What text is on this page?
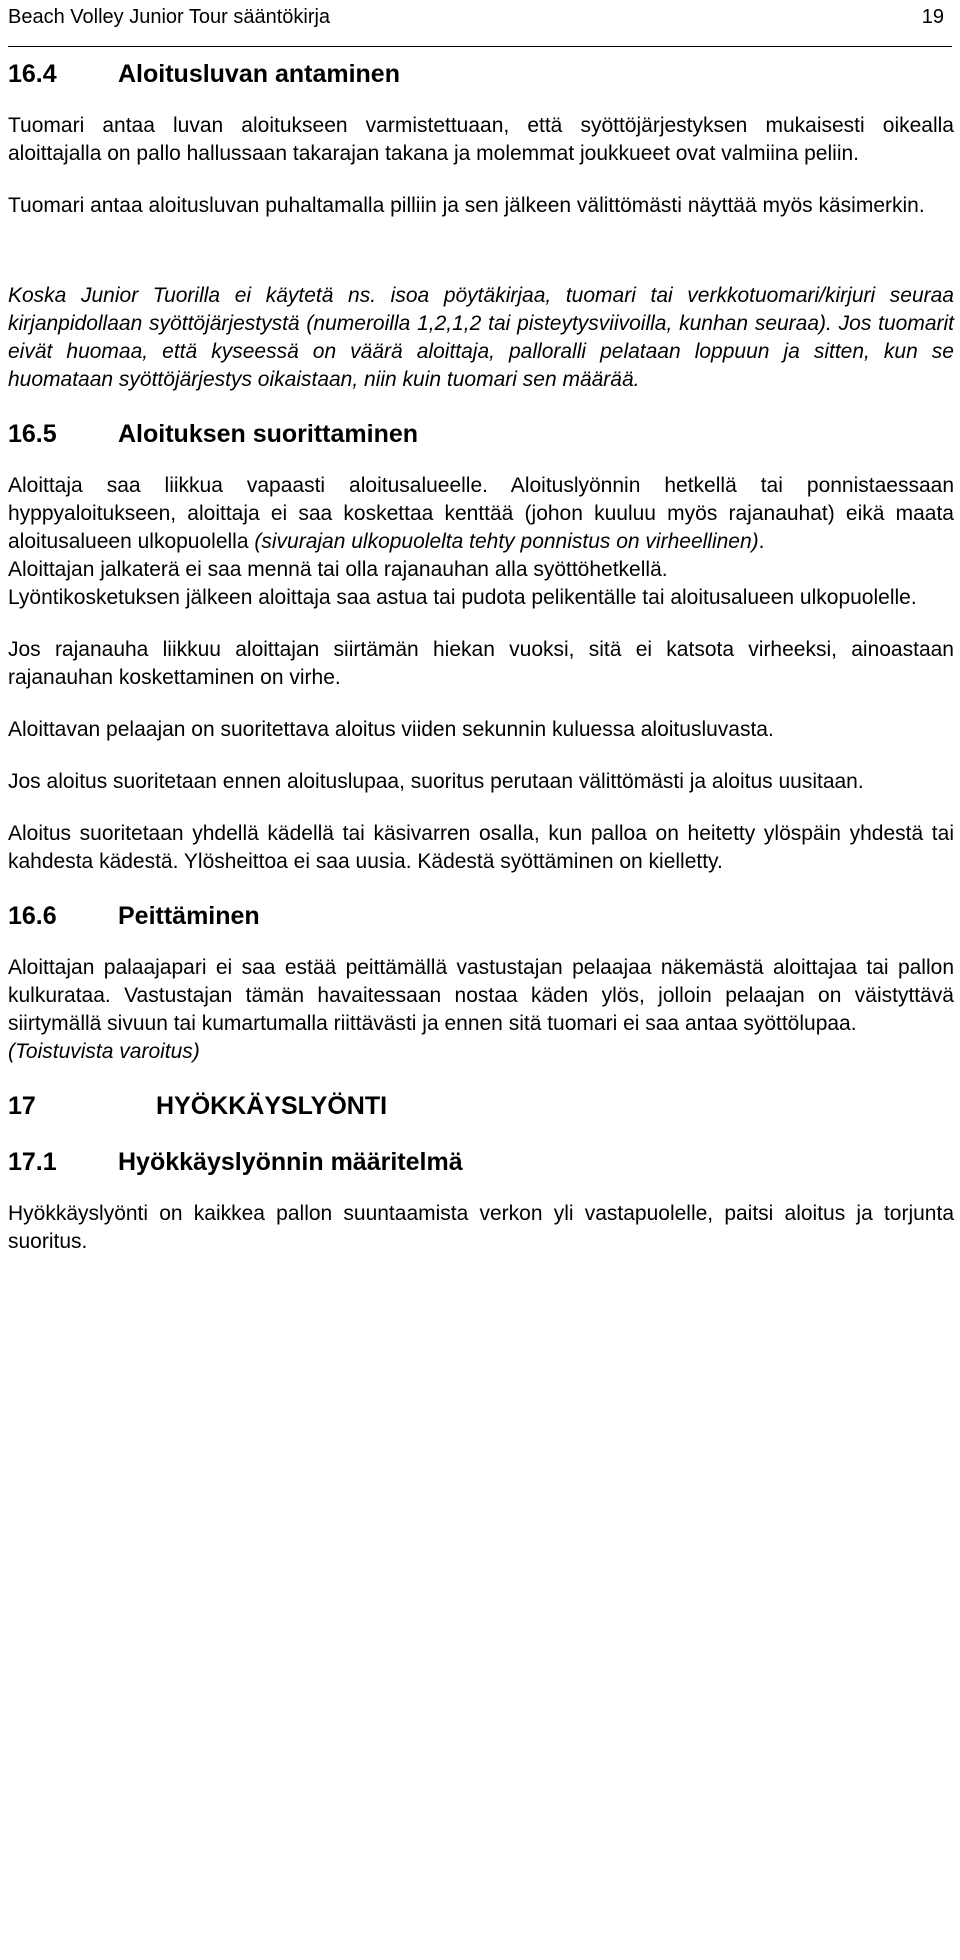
Beach Volley Junior Tour sääntökirja	19
16.4 Aloitusluvan antaminen

Tuomari antaa luvan aloitukseen varmistettuaan, että syöttöjärjestyksen mukaisesti oikealla aloittajalla on pallo hallussaan takarajan takana ja molemmat joukkueet ovat valmiina peliin.

Tuomari antaa aloitusluvan puhaltamalla pilliin ja sen jälkeen välittömästi näyttää myös käsimerkin.

Koska Junior Tuorilla ei käytetä ns. isoa pöytäkirjaa, tuomari tai verkkotuomari/kirjuri seuraa kirjanpidollaan syöttöjärjestystä (numeroilla 1,2,1,2 tai pisteytysviivoilla, kunhan seuraa). Jos tuomarit eivät huomaa, että kyseessä on väärä aloittaja, pallorallі pelataan loppuun ja sitten, kun se huomataan syöttöjärjestys oikaistaan, niin kuin tuomari sen määrää.

16.5 Aloituksen suorittaminen

Aloittaja saa liikkua vapaasti aloitusalueelle. Aloituslyönnin hetkellä tai ponnistaessaan hyppyaloitukseen, aloittaja ei saa koskettaa kenttää (johon kuuluu myös rajanauhat) eikä maata aloitusalueen ulkopuolella (sivurajan ulkopuolelta tehty ponnistus on virheellinen).

Aloittajan jalkaterä ei saa mennä tai olla rajanauhan alla syöttöhetkellä.

Lyöntikosketuksen jälkeen aloittaja saa astua tai pudota pelikentälle tai aloitusalueen ulkopuolelle.

Jos rajanauha liikkuu aloittajan siirtämän hiekan vuoksi, sitä ei katsota virheeksi, ainoastaan rajanauhan koskettaminen on virhe.

Aloittavan pelaajan on suoritettava aloitus viiden sekunnin kuluessa aloitusluvasta.

Jos aloitus suoritetaan ennen aloituslupaa, suoritus perutaan välittömästi ja aloitus uusitaan.

Aloitus suoritetaan yhdellä kädellä tai käsivarren osalla, kun palloa on heitetty ylöspäin yhdestä tai kahdesta kädestä. Ylösheittoa ei saa uusia. Kädestä syöttäminen on kielletty.

16.6 Peittäminen

Aloittajan palaajapari ei saa estää peittämällä vastustajan pelaajaa näkemästä aloittajaa tai pallon kulkurataa. Vastustajan tämän havaitessaan nostaa käden ylös, jolloin pelaajan on väistyttävä siirtymällä sivuun tai kumartumalla riittävästi ja ennen sitä tuomari ei saa antaa syöttölupaa.

(Toistuvista varoitus)

17	HYÖKKÄYSLYÖNTI
17.1 Hyökkäyslyönnin määritelmä

Hyökkäyslyönti on kaikkea pallon suuntaamista verkon yli vastapuolelle, paitsi aloitus ja torjunta suoritus.
